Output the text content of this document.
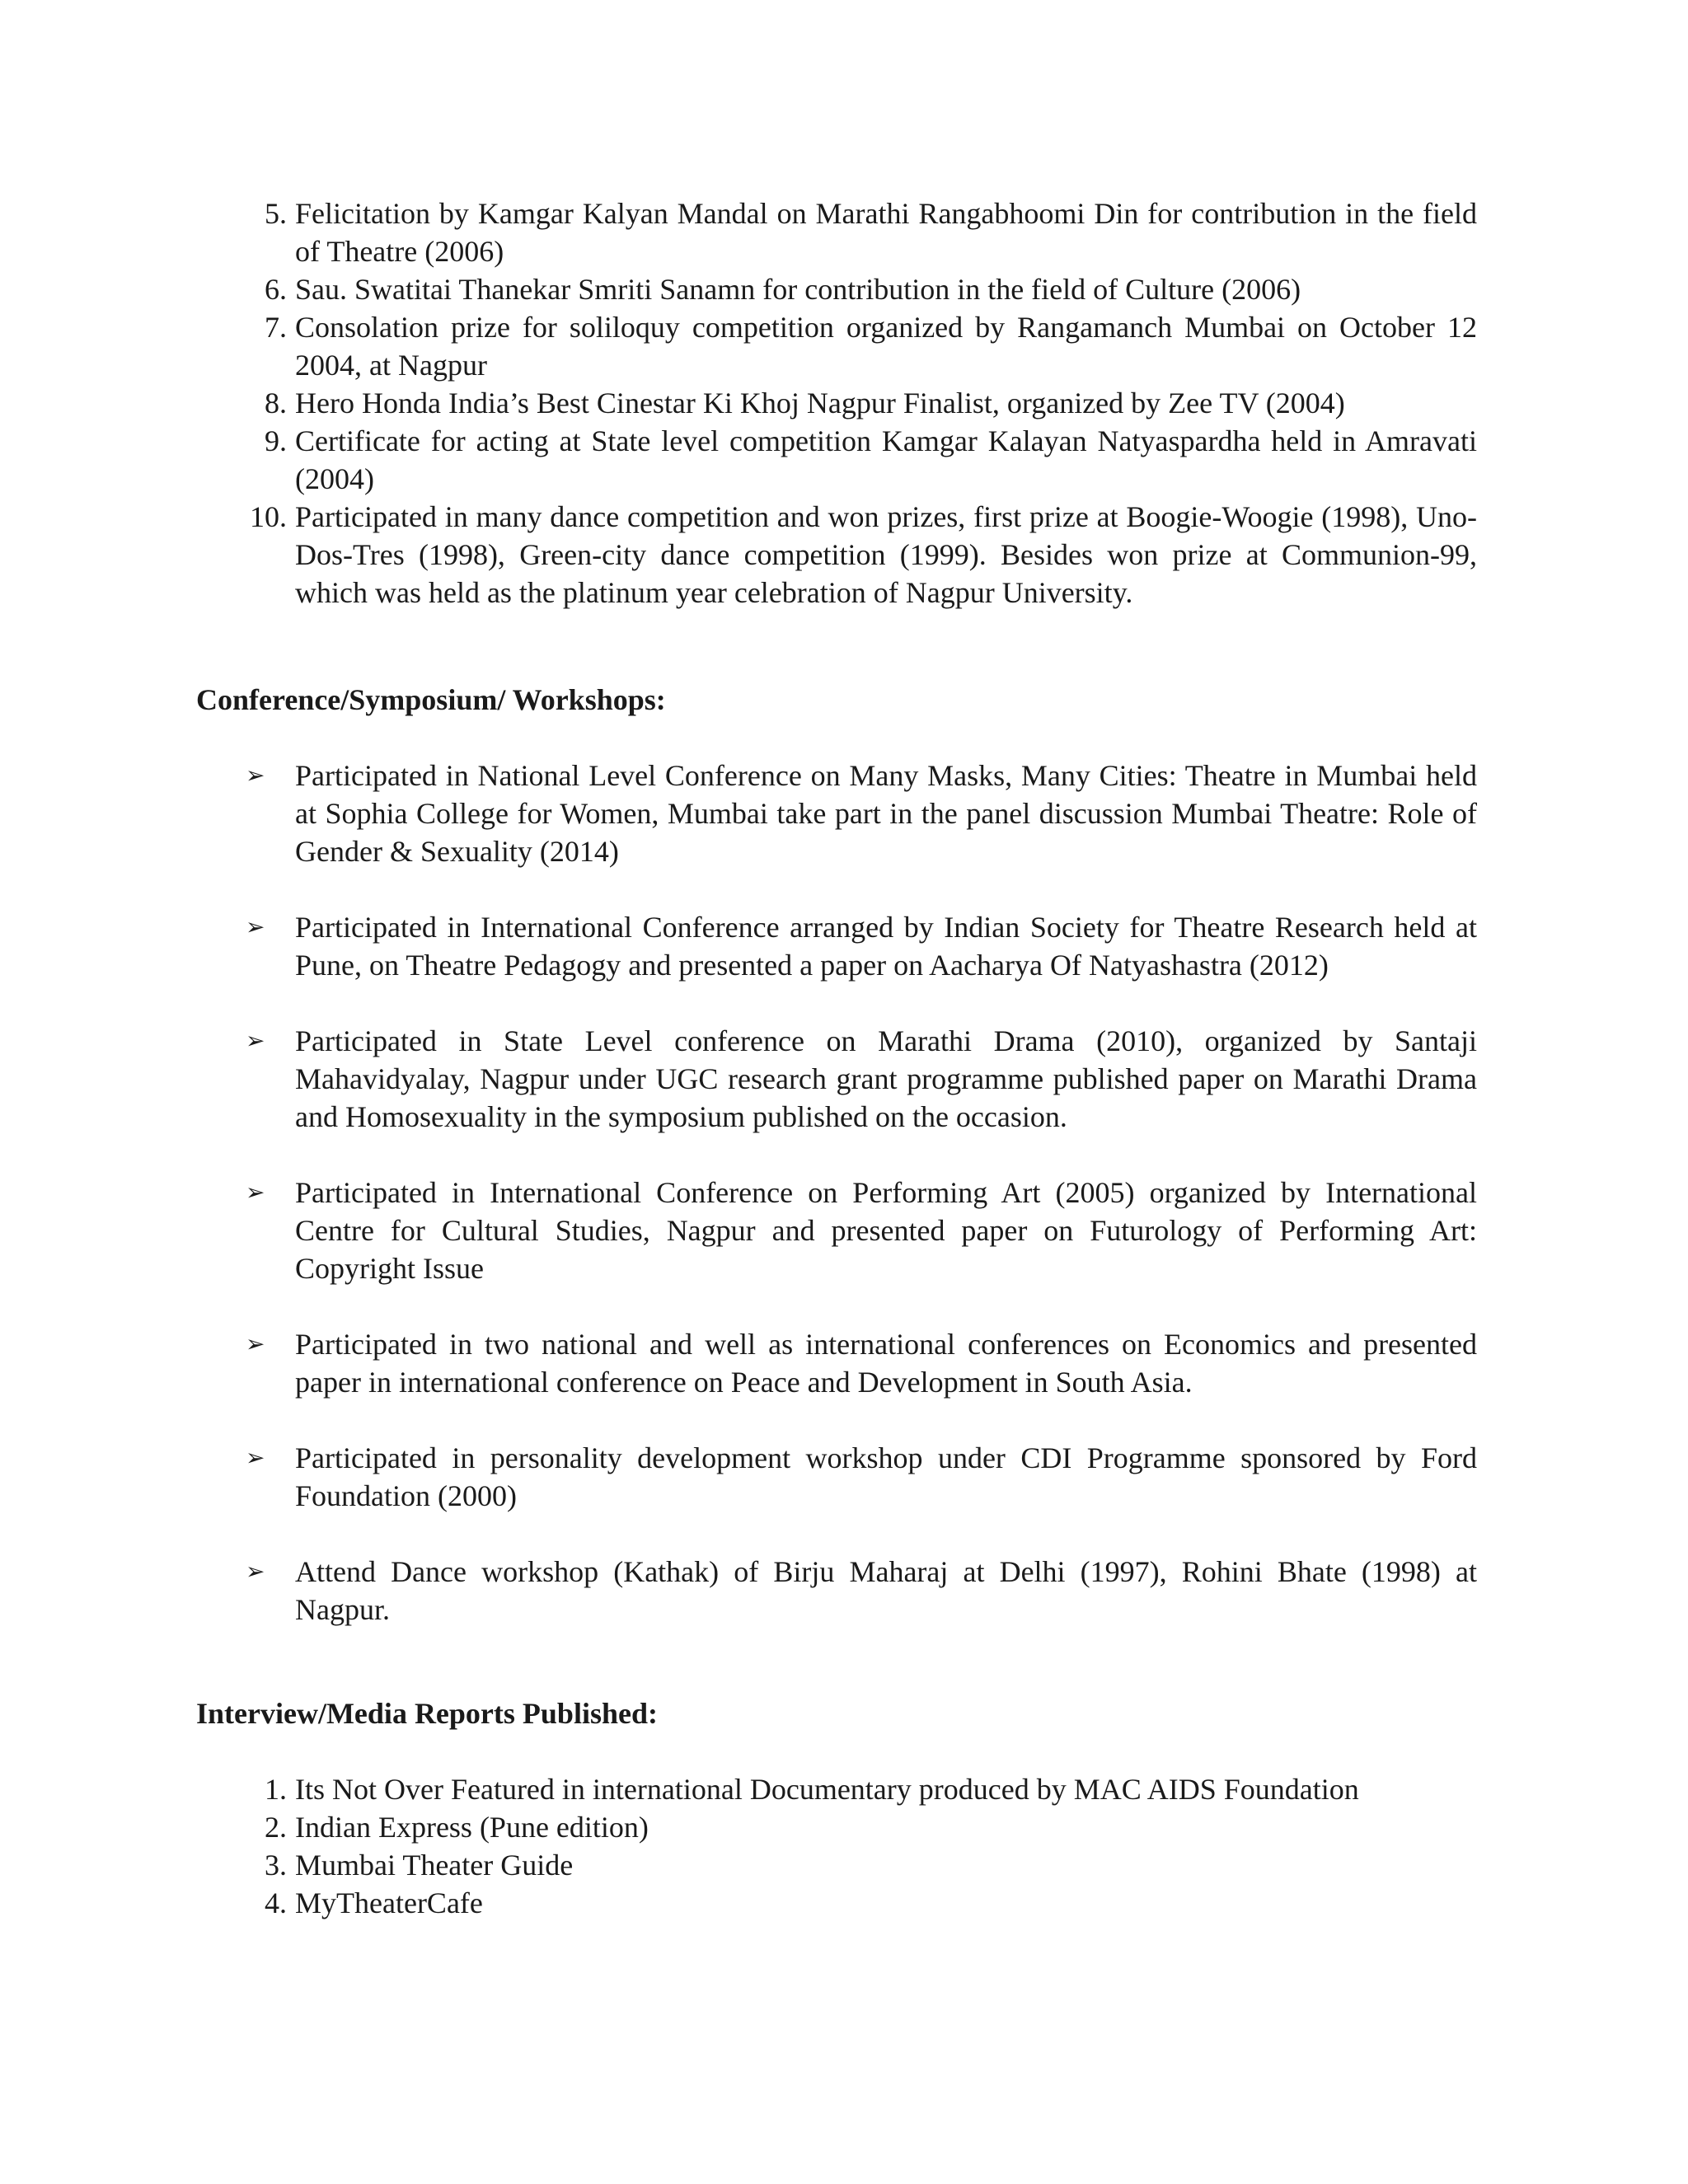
5. Felicitation by Kamgar Kalyan Mandal on Marathi Rangabhoomi Din for contribution in the field of Theatre (2006)
6. Sau. Swatitai Thanekar Smriti Sanamn for contribution in the field of Culture (2006)
7. Consolation prize for soliloquy competition organized by Rangamanch Mumbai on October 12 2004, at Nagpur
8. Hero Honda India’s Best Cinestar Ki Khoj Nagpur Finalist, organized by Zee TV (2004)
9. Certificate for acting at State level competition Kamgar Kalayan Natyaspardha held in Amravati (2004)
10. Participated in many dance competition and won prizes, first prize at Boogie-Woogie (1998), Uno-Dos-Tres (1998), Green-city dance competition (1999). Besides won prize at Communion-99, which was held as the platinum year celebration of Nagpur University.
Conference/Symposium/ Workshops:
➢ Participated in National Level Conference on Many Masks, Many Cities: Theatre in Mumbai held at Sophia College for Women, Mumbai take part in the panel discussion Mumbai Theatre: Role of Gender & Sexuality (2014)
➢ Participated in International Conference arranged by Indian Society for Theatre Research held at Pune, on Theatre Pedagogy and presented a paper on Aacharya Of Natyashastra (2012)
➢ Participated in State Level conference on Marathi Drama (2010), organized by Santaji Mahavidyalay, Nagpur under UGC research grant programme published paper on Marathi Drama and Homosexuality in the symposium published on the occasion.
➢ Participated in International Conference on Performing Art (2005) organized by International Centre for Cultural Studies, Nagpur and presented paper on Futurology of Performing Art: Copyright Issue
➢ Participated in two national and well as international conferences on Economics and presented paper in international conference on Peace and Development in South Asia.
➢ Participated in personality development workshop under CDI Programme sponsored by Ford Foundation (2000)
➢ Attend Dance workshop (Kathak) of Birju Maharaj at Delhi (1997), Rohini Bhate (1998) at Nagpur.
Interview/Media Reports Published:
1. Its Not Over Featured in international Documentary produced by MAC AIDS Foundation
2. Indian Express (Pune edition)
3. Mumbai Theater Guide
4. MyTheaterCafe
